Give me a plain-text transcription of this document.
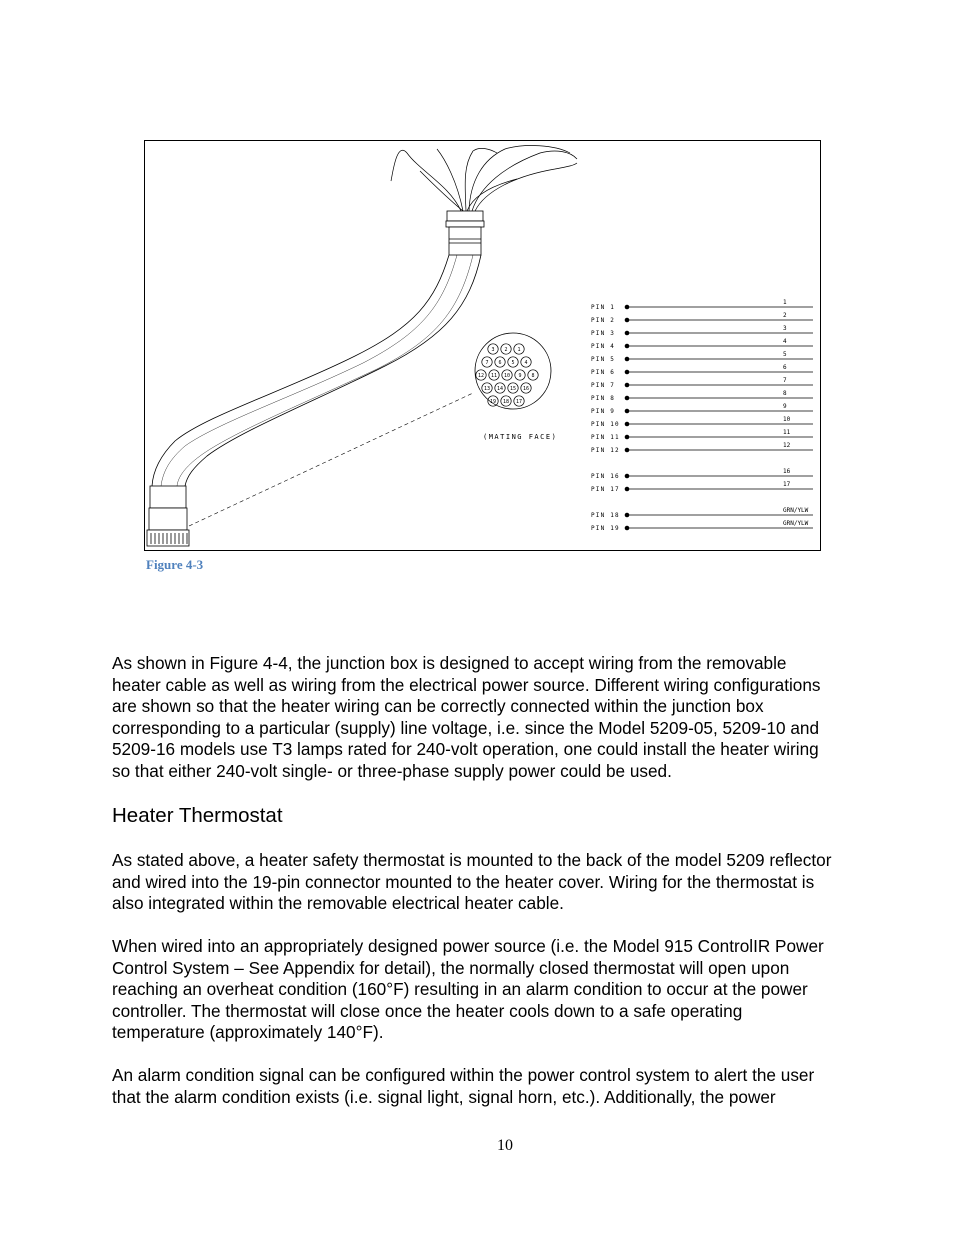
3 2 1
7 6 5 4
12 11 10 9 8
13 14 15 16
19 18 17
(MATING FACE)
PIN 1
1
PIN 2
2
PIN 3
3
PIN 4
4
PIN 5
5
PIN 6
6
PIN 7
7
PIN 8
8
PIN 9
9
PIN 10
10
PIN 11
11
PIN 12
12
PIN 16
16
PIN 17
17
PIN 18
GRN/YLW
PIN 19
GRN/YLW
Figure 4-3
As shown in Figure 4-4, the junction box is designed to accept wiring from the removable
heater cable as well as wiring from the electrical power source. Different wiring configurations
are shown so that the heater wiring can be correctly connected within the junction box
corresponding to a particular (supply) line voltage, i.e. since the Model 5209-05, 5209-10 and
5209-16 models use T3 lamps rated for 240-volt operation, one could install the heater wiring
so that either 240-volt single- or three-phase supply power could be used.
Heater Thermostat
As stated above, a heater safety thermostat is mounted to the back of the model 5209 reflector
and wired into the 19-pin connector mounted to the heater cover. Wiring for the thermostat is
also integrated within the removable electrical heater cable.
When wired into an appropriately designed power source (i.e. the Model 915 ControlIR Power
Control System – See Appendix for detail), the normally closed thermostat will open upon
reaching an overheat condition (160°F) resulting in an alarm condition to occur at the power
controller. The thermostat will close once the heater cools down to a safe operating
temperature (approximately 140°F).
An alarm condition signal can be configured within the power control system to alert the user
that the alarm condition exists (i.e. signal light, signal horn, etc.). Additionally, the power
10
